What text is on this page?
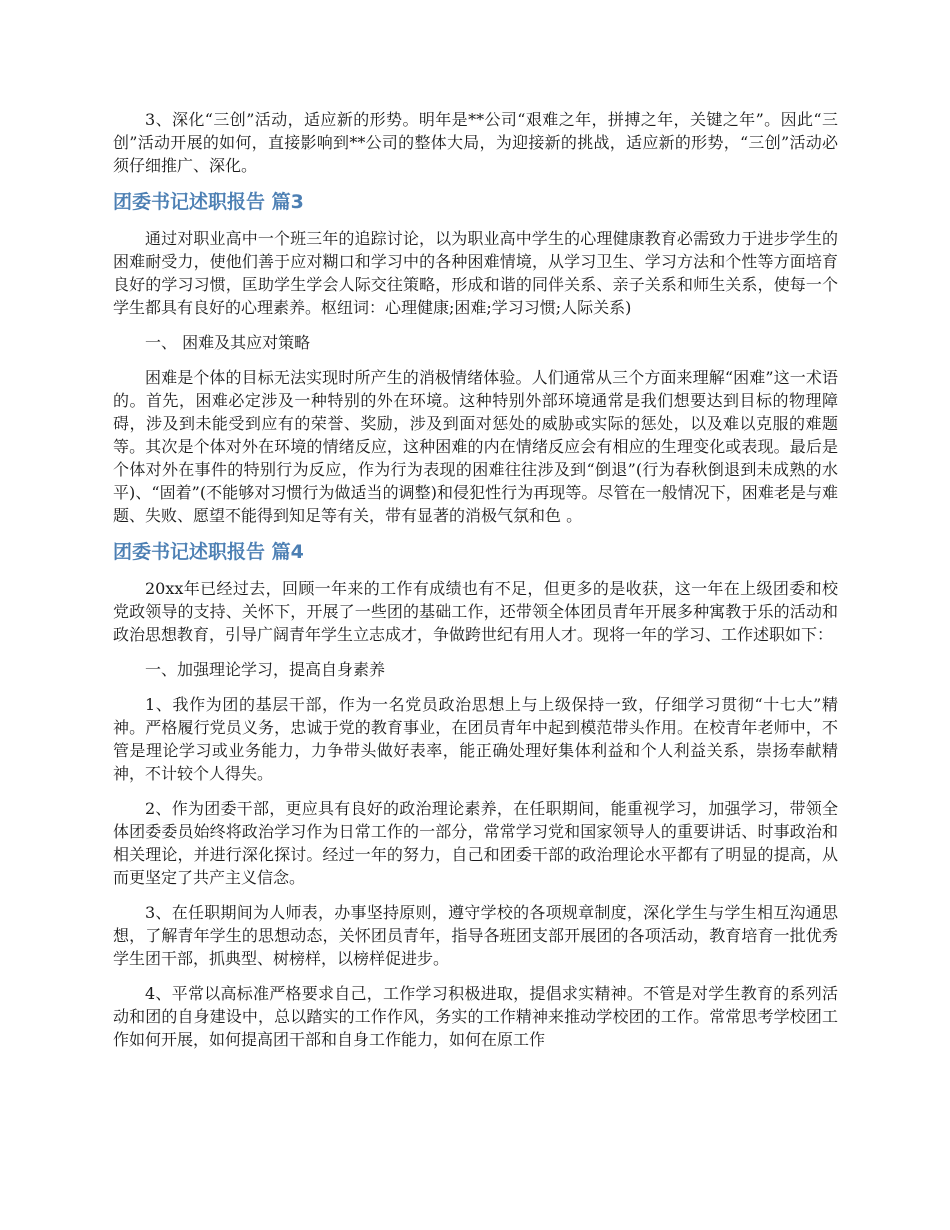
3、深化“三创”活动，适应新的形势。明年是**公司“艰难之年，拼搏之年，关键之年”。因此“三创”活动开展的如何，直接影响到**公司的整体大局，为迎接新的挑战，适应新的形势，“三创”活动必须仔细推广、深化。

团委书记述职报告 篇3

通过对职业高中一个班三年的追踪讨论，以为职业高中学生的心理健康教育必需致力于进步学生的困难耐受力，使他们善于应对糊口和学习中的各种困难情境，从学习卫生、学习方法和个性等方面培育良好的学习习惯，匡助学生学会人际交往策略，形成和谐的同伴关系、亲子关系和师生关系，使每一个学生都具有良好的心理素养。枢纽词：心理健康;困难;学习习惯;人际关系)

一、 困难及其应对策略

困难是个体的目标无法实现时所产生的消极情绪体验。人们通常从三个方面来理解“困难”这一术语的。首先，困难必定涉及一种特别的外在环境。这种特别外部环境通常是我们想要达到目标的物理障碍，涉及到未能受到应有的荣誉、奖励，涉及到面对惩处的威胁或实际的惩处，以及难以克服的难题等。其次是个体对外在环境的情绪反应，这种困难的内在情绪反应会有相应的生理变化或表现。最后是个体对外在事件的特别行为反应，作为行为表现的困难往往涉及到“倒退”(行为春秋倒退到未成熟的水平)、“固着”(不能够对习惯行为做适当的调整)和侵犯性行为再现等。尽管在一般情况下，困难老是与难题、失败、愿望不能得到知足等有关，带有显著的消极气氛和色 。

团委书记述职报告 篇4

20xx年已经过去，回顾一年来的工作有成绩也有不足，但更多的是收获，这一年在上级团委和校党政领导的支持、关怀下，开展了一些团的基础工作，还带领全体团员青年开展多种寓教于乐的活动和政治思想教育，引导广阔青年学生立志成才，争做跨世纪有用人才。现将一年的学习、工作述职如下：

一、加强理论学习，提高自身素养

1、我作为团的基层干部，作为一名党员政治思想上与上级保持一致，仔细学习贯彻“十七大”精神。严格履行党员义务，忠诚于党的教育事业，在团员青年中起到模范带头作用。在校青年老师中，不管是理论学习或业务能力，力争带头做好表率，能正确处理好集体利益和个人利益关系，崇扬奉献精神，不计较个人得失。

2、作为团委干部，更应具有良好的政治理论素养，在任职期间，能重视学习，加强学习，带领全体团委委员始终将政治学习作为日常工作的一部分，常常学习党和国家领导人的重要讲话、时事政治和相关理论，并进行深化探讨。经过一年的努力，自己和团委干部的政治理论水平都有了明显的提高，从而更坚定了共产主义信念。

3、在任职期间为人师表，办事坚持原则，遵守学校的各项规章制度，深化学生与学生相互沟通思想，了解青年学生的思想动态，关怀团员青年，指导各班团支部开展团的各项活动，教育培育一批优秀学生团干部，抓典型、树榜样，以榜样促进步。

4、平常以高标准严格要求自己，工作学习积极进取，提倡求实精神。不管是对学生教育的系列活动和团的自身建设中，总以踏实的工作作风，务实的工作精神来推动学校团的工作。常常思考学校团工作如何开展，如何提高团干部和自身工作能力，如何在原工作
